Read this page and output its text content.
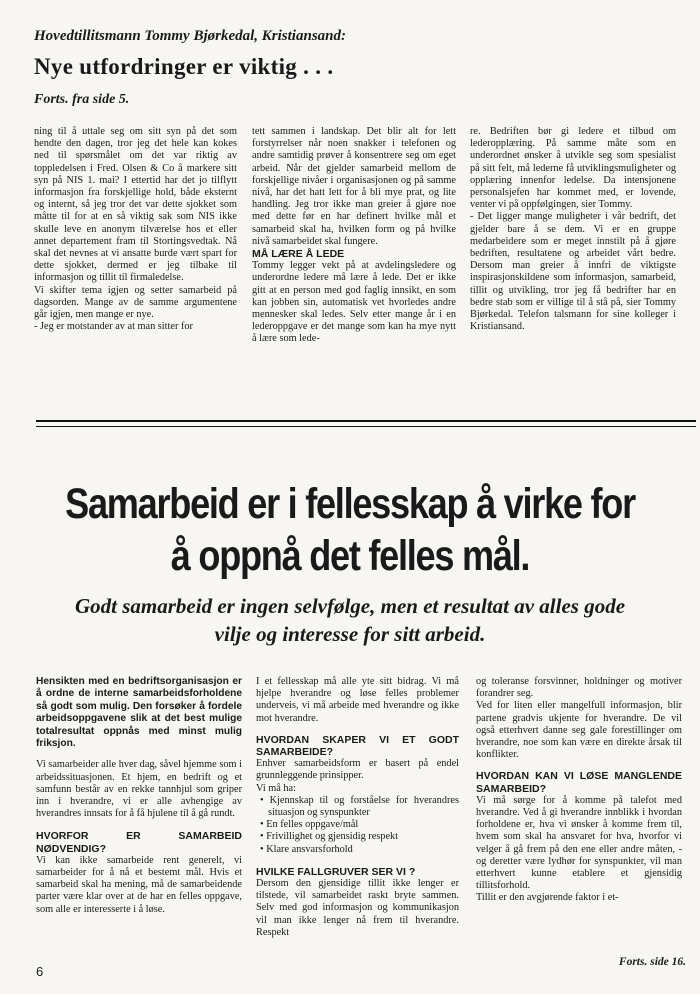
Hovedtillitsmann Tommy Bjørkedal, Kristiansand:
Nye utfordringer er viktig . . .
Forts. fra side 5.

ning til å uttale seg om sitt syn på det som hendte den dagen, tror jeg det hele kan kokes ned til spørsmålet om det var riktig av toppledelsen i Fred. Olsen & Co å markere sitt syn på NIS 1. mai? I ettertid har det jo tilflytt informasjon fra forskjellige hold, både eksternt og internt, så jeg tror det var dette sjokket som måtte til for at en så viktig sak som NIS ikke skulle leve en anonym tilværelse hos et eller annet departement fram til Stortingsvedtak. Nå skal det nevnes at vi ansatte burde vært spart for dette sjokket, dermed er jeg tilbake til informasjon og tillit til firmaledelse.

Vi skifter tema igjen og setter samarbeid på dagsorden. Mange av de samme argumentene går igjen, men mange er nye.

- Jeg er motstander av at man sitter for

tett sammen i landskap. Det blir alt for lett forstyrrelser når noen snakker i telefonen og andre samtidig prøver å konsentrere seg om eget arbeid. Når det gjelder samarbeid mellom de forskjellige nivåer i organisasjonen og på samme nivå, har det hatt lett for å bli mye prat, og lite handling. Jeg tror ikke man greier å gjøre noe med dette før en har definert hvilke mål et samarbeid skal ha, hvilken form og på hvilke nivå samarbeidet skal fungere.

MÅ LÆRE Å LEDE

Tommy legger vekt på at avdelingsledere og underordne ledere må lære å lede. Det er ikke gitt at en person med god faglig innsikt, en som kan jobben sin, automatisk vet hvorledes andre mennesker skal ledes. Selv etter mange år i en lederoppgave er det mange som kan ha mye nytt å lære som lede-

re. Bedriften bør gi ledere et tilbud om lederopplæring. På samme måte som en underordnet ønsker å utvikle seg som spesialist på sitt felt, må lederne få utviklingsmuligheter og opplæring innenfor ledelse. Da intensjonene personalsjefen har kommet med, er lovende, venter vi på oppfølgingen, sier Tommy.

- Det ligger mange muligheter i vår bedrift, det gjelder bare å se dem. Vi er en gruppe medarbeidere som er meget innstilt på å gjøre bedriften, resultatene og arbeidet vårt bedre. Dersom man greier å innfri de viktigste inspirasjonskildene som informasjon, samarbeid, tillit og utvikling, tror jeg få bedrifter har en bedre stab som er villige til å stå på, sier Tommy Bjørkedal. Telefon talsmann for sine kolleger i Kristiansand.

Samarbeid er i fellesskap å virke for
å oppnå det felles mål.
Godt samarbeid er ingen selvfølge, men et resultat av alles gode
vilje og interesse for sitt arbeid.

Hensikten med en bedriftsorganisasjon er å ordne de interne samarbeidsforholdene så godt som mulig. Den forsøker å fordele arbeidsoppgavene slik at det best mulige totalresultat oppnås med minst mulig friksjon.

Vi samarbeider alle hver dag, såvel hjemme som i arbeidssituasjonen. Et hjem, en bedrift og et samfunn består av en rekke tannhjul som griper inn i hverandre, vi er alle avhengige av hverandres innsats for å få hjulene til å gå rundt.

HVORFOR ER SAMARBEID NØDVENDIG?

Vi kan ikke samarbeide rent generelt, vi samarbeider for å nå et bestemt mål. Hvis et samarbeid skal ha mening, må de samarbeidende parter være klar over at de har en felles oppgave, som alle er interesserte i å løse.

I et fellesskap må alle yte sitt bidrag. Vi må hjelpe hverandre og løse felles problemer underveis, vi må arbeide med hverandre og ikke mot hverandre.

HVORDAN SKAPER VI ET GODT SAMARBEIDE?

Enhver samarbeidsform er basert på endel grunnleggende prinsipper.

Vi må ha:

• Kjennskap til og forståelse for hverandres situasjon og synspunkter
• En felles oppgave/mål
• Frivillighet og gjensidig respekt
• Klare ansvarsforhold

HVILKE FALLGRUVER SER VI ?

Dersom den gjensidige tillit ikke lenger er tilstede, vil samarbeidet raskt bryte sammen. Selv med god informasjon og kommunikasjon vil man ikke lenger nå frem til hverandre. Respekt

og toleranse forsvinner, holdninger og motiver forandrer seg.

Ved for liten eller mangelfull informasjon, blir partene gradvis ukjente for hverandre. De vil også etterhvert danne seg gale forestillinger om hverandre, noe som kan være en direkte årsak til konflikter.

HVORDAN KAN VI LØSE MANGLENDE SAMARBEID?

Vi må sørge for å komme på talefot med hverandre. Ved å gi hverandre innblikk i hvordan forholdene er, hva vi ønsker å komme frem til, hvem som skal ha ansvaret for hva, hvorfor vi velger å gå frem på den ene eller andre måten, - og deretter være lydhør for synspunkter, vil man etterhvert kunne etablere et gjensidig tillitsforhold.

Tillit er den avgjørende faktor i et-

Forts. side 16.
6
